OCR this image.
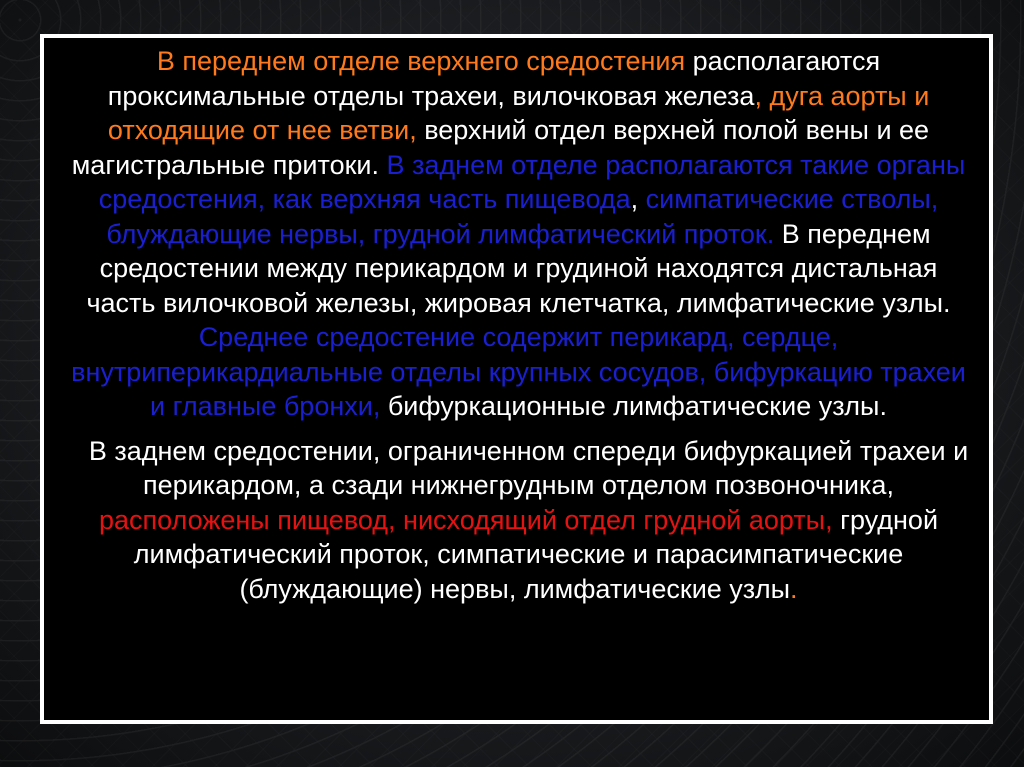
В переднем отделе верхнего средостения располагаются проксимальные отделы трахеи, вилочковая железа, дуга аорты и отходящие от нее ветви, верхний отдел верхней полой вены и ее магистральные притоки. В заднем отделе располагаются такие органы средостения, как верхняя часть пищевода, симпатические стволы, блуждающие нервы, грудной лимфатический проток. В переднем средостении между перикардом и грудиной находятся дистальная часть вилочковой железы, жировая клетчатка, лимфатические узлы. Среднее средостение содержит перикард, сердце, внутриперикардиальные отделы крупных сосудов, бифуркацию трахеи и главные бронхи, бифуркационные лимфатические узлы.

В заднем средостении, ограниченном спереди бифуркацией трахеи и перикардом, а сзади нижнегрудным отделом позвоночника, расположены пищевод, нисходящий отдел грудной аорты, грудной лимфатический проток, симпатические и парасимпатические (блуждающие) нервы, лимфатические узлы.
